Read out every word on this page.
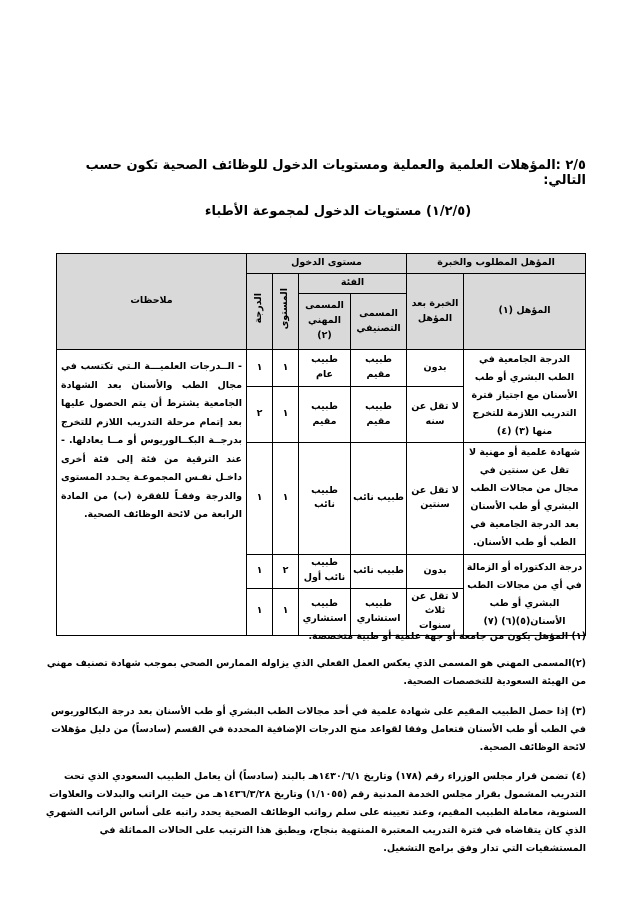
٢/٥ :المؤهلات العلمية والعملية ومستويات الدخول للوظائف الصحية تكون حسب التالي:
(١/٢/٥) مستويات الدخول لمجموعة الأطباء
المؤهل المطلوب والخبرة		مستوى الدخول				ملاحظات
المؤهل (١)	الخبرة بعد المؤهل	الفئة		المستوى	الدرجة	
		المسمى التصنيفي	المسمى المهني (٢)			
الدرجة الجامعية في الطب البشري أو طب الأسنان مع اجتياز فترة التدريب اللازمة للتخرج منها (٣) (٤)	بدون	طبيب مقيم	طبيب عام	١	١	- الــدرجات العلميـــة الـتي تكتسب في مجال الطب والأسنان بعد الشهادة الجامعية يشترط أن يتم الحصول عليها بعد إتمام مرحلة التدريب اللازم للتخرج بدرجــة البكــالوريوس أو مــا يعادلها. - عند الترقية من فئة إلى فئة أخرى داخـل نفـس المجموعـة يحـدد المستوى والدرجة وفقـاً للفقرة (ب) من المادة الرابعة من لائحة الوظائف الصحية.
	لا تقل عن سنه	طبيب مقيم	طبيب مقيم	١	٢	
شهادة علمية أو مهنية لا تقل عن سنتين في مجال من مجالات الطب البشري أو طب الأسنان بعد الدرجة الجامعية في الطب أو طب الأسنان.	لا تقل عن سنتين	طبيب نائب	طبيب نائب	١	١	
درجة الدكتوراه أو الزمالة في أي من مجالات الطب البشري أو طب الأسنان(٥)(٦) (٧)	بدون	طبيب نائب	طبيب نائب أول	٢	١	
	لا تقل عن ثلاث سنوات	طبيب استشاري	طبيب استشاري	١	١	
(١) المؤهل يكون من جامعة أو جهة علمية أو طبية متخصصة.
(٢)المسمى المهني هو المسمى الذي يعكس العمل الفعلي الذي يزاوله الممارس الصحي بموجب شهادة تصنيف مهني من الهيئة السعودية للتخصصات الصحية.
(٣) إذا حصل الطبيب المقيم على شهادة علمية في أحد مجالات الطب البشري أو طب الأسنان بعد درجة البكالوريوس في الطب أو طب الأسنان فتعامل وفقا لقواعد منح الدرجات الإضافية المحددة في القسم (سادساً) من دليل مؤهلات لائحة الوظائف الصحية.
(٤) تضمن قرار مجلس الوزراء رقم (١٧٨) وتاريخ ١٤٣٠/٦/١هـ بالبند (سادساً) أن يعامل الطبيب السعودي الذي تحت التدريب المشمول بقرار مجلس الخدمة المدنية رقم (١/١٠٥٥) وتاريخ ١٤٣٦/٣/٢٨هـ من حيث الراتب والبدلات والعلاوات السنوية، معاملة الطبيب المقيم، وعند تعيينه على سلم رواتب الوظائف الصحية يحدد راتبه على أساس الراتب الشهري الذي كان يتقاضاه في فترة التدريب المعتبرة المنتهية بنجاح، ويطبق هذا الترتيب على الحالات المماثلة في المستشفيات التي تدار وفق برامج التشغيل.
